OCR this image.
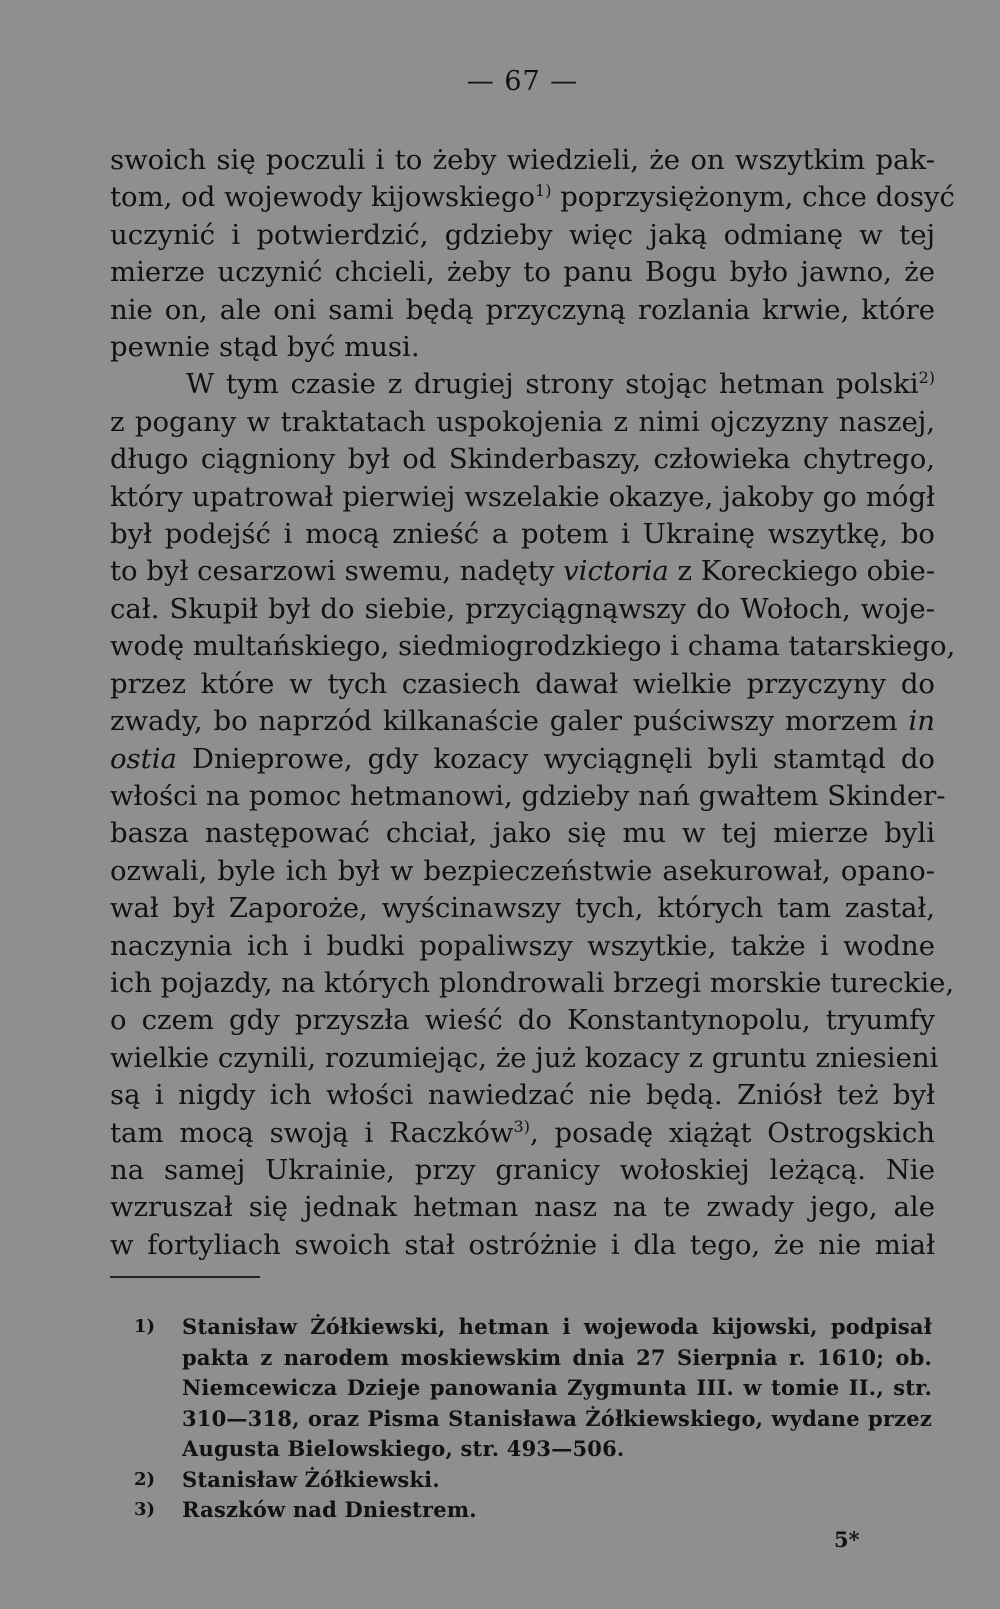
— 67 —
swoich się poczuli i to żeby wiedzieli, że on wszytkim pak-
tom, od wojewody kijowskiego$^{1)}$ poprzysiężonym, chce dosyć
uczynić i potwierdzić, gdzieby więc jaką odmianę w tej
mierze uczynić chcieli, żeby to panu Bogu było jawno, że
nie on, ale oni sami będą przyczyną rozlania krwie, które
pewnie stąd być musi.
W tym czasie z drugiej strony stojąc hetman polski$^{2)}$
z pogany w traktatach uspokojenia z nimi ojczyzny naszej,
długo ciągniony był od Skinderbaszy, człowieka chytrego,
który upatrował pierwiej wszelakie okazye, jakoby go mógł
był podejść i mocą znieść a potem i Ukrainę wszytkę, bo
to był cesarzowi swemu, nadęty victoria z Koreckiego obie-
cał. Skupił był do siebie, przyciągnąwszy do Wołoch, woje-
wodę multańskiego, siedmiogrodzkiego i chama tatarskiego,
przez które w tych czasiech dawał wielkie przyczyny do
zwady, bo naprzód kilkanaście galer puściwszy morzem in
ostia Dnieprowe, gdy kozacy wyciągnęli byli stamtąd do
włości na pomoc hetmanowi, gdzieby nań gwałtem Skinder-
basza następować chciał, jako się mu w tej mierze byli
ozwali, byle ich był w bezpieczeństwie asekurował, opano-
wał był Zaporoże, wyścinawszy tych, których tam zastał,
naczynia ich i budki popaliwszy wszytkie, także i wodne
ich pojazdy, na których plondrowali brzegi morskie tureckie,
o czem gdy przyszła wieść do Konstantynopolu, tryumfy
wielkie czynili, rozumiejąc, że już kozacy z gruntu zniesieni
są i nigdy ich włości nawiedzać nie będą. Zniósł też był
tam mocą swoją i Raczków$^{3)}$, posadę xiążąt Ostrogskich
na samej Ukrainie, przy granicy wołoskiej leżącą. Nie
wzruszał się jednak hetman nasz na te zwady jego, ale
w fortyliach swoich stał ostróżnie i dla tego, że nie miał
1) Stanisław Żółkiewski, hetman i wojewoda kijowski, podpisał
pakta z narodem moskiewskim dnia 27 Sierpnia r. 1610; ob.
Niemcewicza Dzieje panowania Zygmunta III. w tomie II., str.
310—318, oraz Pisma Stanisława Żółkiewskiego, wydane przez
Augusta Bielowskiego, str. 493—506.
2) Stanisław Żółkiewski.
3) Raszków nad Dniestrem.
5*
